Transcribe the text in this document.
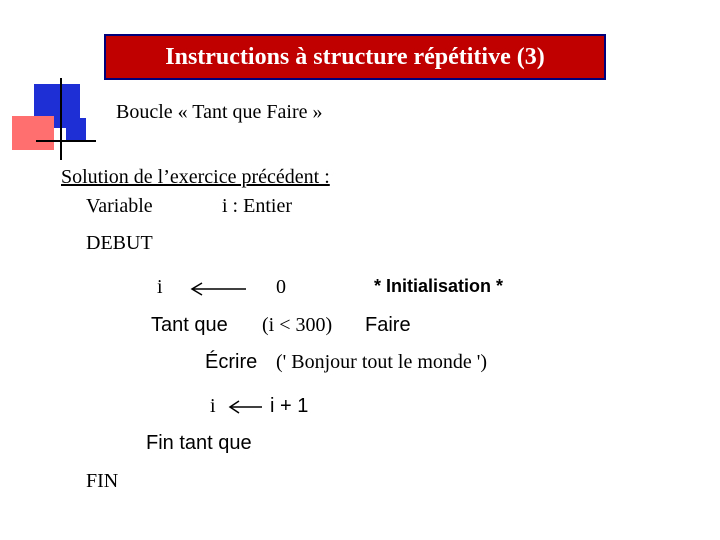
Instructions à structure répétitive (3)
Boucle « Tant que Faire »
Solution de l’exercice précédent :
Variable	i : Entier
DEBUT
i	0	* Initialisation *
Tant que (i < 300) Faire
Écrire (' Bonjour tout le monde ')
i	i + 1
Fin tant que
FIN
